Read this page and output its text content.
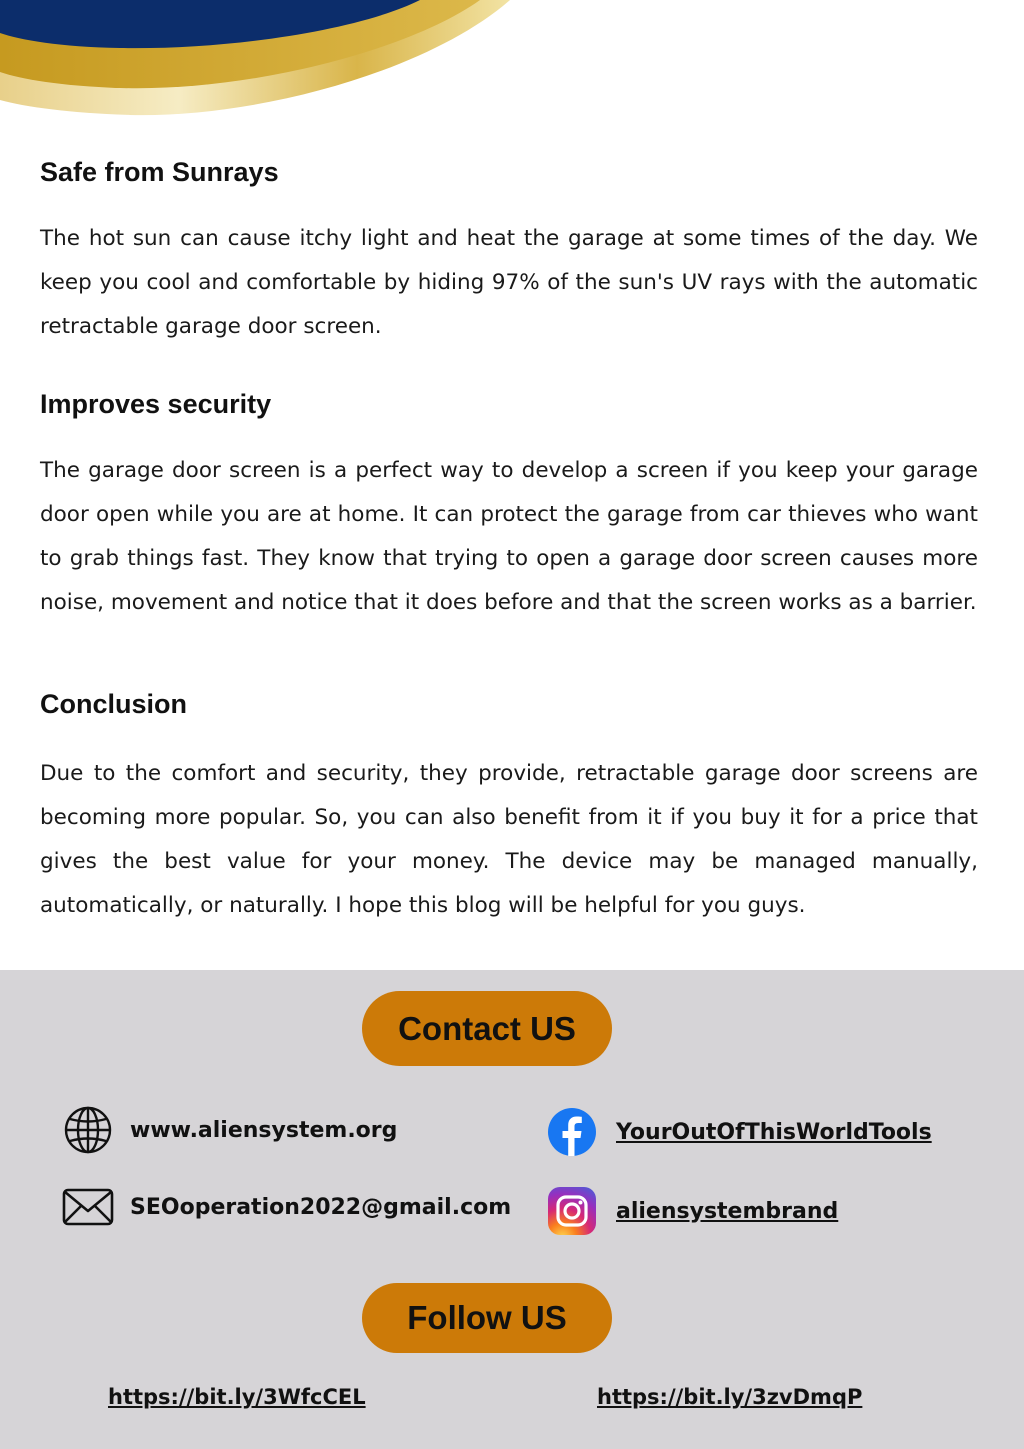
Safe from Sunrays

The hot sun can cause itchy light and heat the garage at some times of the day. We keep you cool and comfortable by hiding 97% of the sun's UV rays with the automatic retractable garage door screen.

Improves security

The garage door screen is a perfect way to develop a screen if you keep your garage door open while you are at home. It can protect the garage from car thieves who want to grab things fast. They know that trying to open a garage door screen causes more noise, movement and notice that it does before and that the screen works as a barrier.

Conclusion

Due to the comfort and security, they provide, retractable garage door screens are becoming more popular. So, you can also benefit from it if you buy it for a price that gives the best value for your money. The device may be managed manually, automatically, or naturally. I hope this blog will be helpful for you guys.

Contact US
www.aliensystem.org
SEOoperation2022@gmail.com
YourOutOfThisWorldTools
aliensystembrand
Follow US
https://bit.ly/3WfcCEL	https://bit.ly/3zvDmqP
